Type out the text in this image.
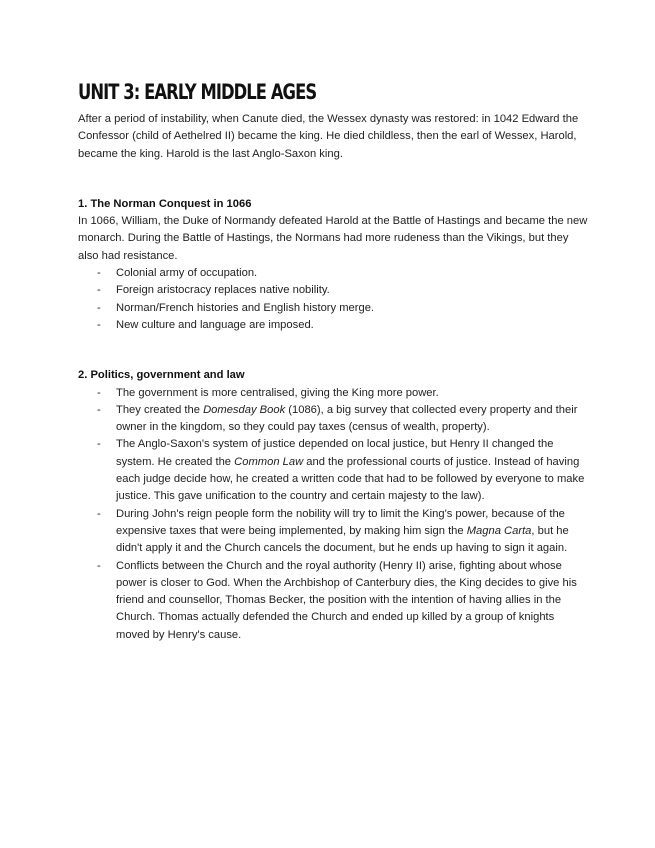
UNIT 3: EARLY MIDDLE AGES

After a period of instability, when Canute died, the Wessex dynasty was restored: in 1042 Edward the Confessor (child of Aethelred II) became the king. He died childless, then the earl of Wessex, Harold, became the king. Harold is the last Anglo-Saxon king.

1. The Norman Conquest in 1066

In 1066, William, the Duke of Normandy defeated Harold at the Battle of Hastings and became the new monarch. During the Battle of Hastings, the Normans had more rudeness than the Vikings, but they also had resistance.

- Colonial army of occupation.
- Foreign aristocracy replaces native nobility.
- Norman/French histories and English history merge.
- New culture and language are imposed.
2. Politics, government and law
- The government is more centralised, giving the King more power.
- They created the Domesday Book (1086), a big survey that collected every property and their owner in the kingdom, so they could pay taxes (census of wealth, property).
- The Anglo-Saxon's system of justice depended on local justice, but Henry II changed the system. He created the Common Law and the professional courts of justice. Instead of having each judge decide how, he created a written code that had to be followed by everyone to make justice. This gave unification to the country and certain majesty to the law).
- During John's reign people form the nobility will try to limit the King's power, because of the expensive taxes that were being implemented, by making him sign the Magna Carta, but he didn't apply it and the Church cancels the document, but he ends up having to sign it again.
- Conflicts between the Church and the royal authority (Henry II) arise, fighting about whose power is closer to God. When the Archbishop of Canterbury dies, the King decides to give his friend and counsellor, Thomas Becker, the position with the intention of having allies in the Church. Thomas actually defended the Church and ended up killed by a group of knights moved by Henry's cause.
